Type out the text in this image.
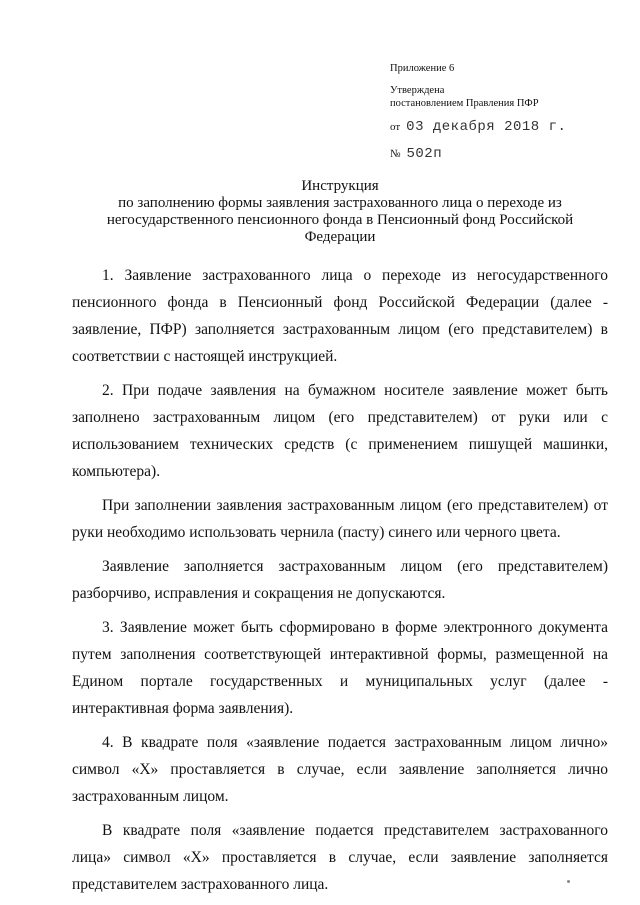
Приложение 6
Утверждена
постановлением Правления ПФР
от 03 декабря 2018 г.
№ 502п
Инструкция
по заполнению формы заявления застрахованного лица о переходе из
негосударственного пенсионного фонда в Пенсионный фонд Российской
Федерации

1. Заявление застрахованного лица о переходе из негосударственного пенсионного фонда в Пенсионный фонд Российской Федерации (далее - заявление, ПФР) заполняется застрахованным лицом (его представителем) в соответствии с настоящей инструкцией.

2. При подаче заявления на бумажном носителе заявление может быть заполнено застрахованным лицом (его представителем) от руки или с использованием технических средств (с применением пишущей машинки, компьютера).

При заполнении заявления застрахованным лицом (его представителем) от руки необходимо использовать чернила (пасту) синего или черного цвета.

Заявление заполняется застрахованным лицом (его представителем) разборчиво, исправления и сокращения не допускаются.

3. Заявление может быть сформировано в форме электронного документа путем заполнения соответствующей интерактивной формы, размещенной на Едином портале государственных и муниципальных услуг (далее - интерактивная форма заявления).

4. В квадрате поля «заявление подается застрахованным лицом лично» символ «Х» проставляется в случае, если заявление заполняется лично застрахованным лицом.

В квадрате поля «заявление подается представителем застрахованного лица» символ «Х» проставляется в случае, если заявление заполняется представителем застрахованного лица.
